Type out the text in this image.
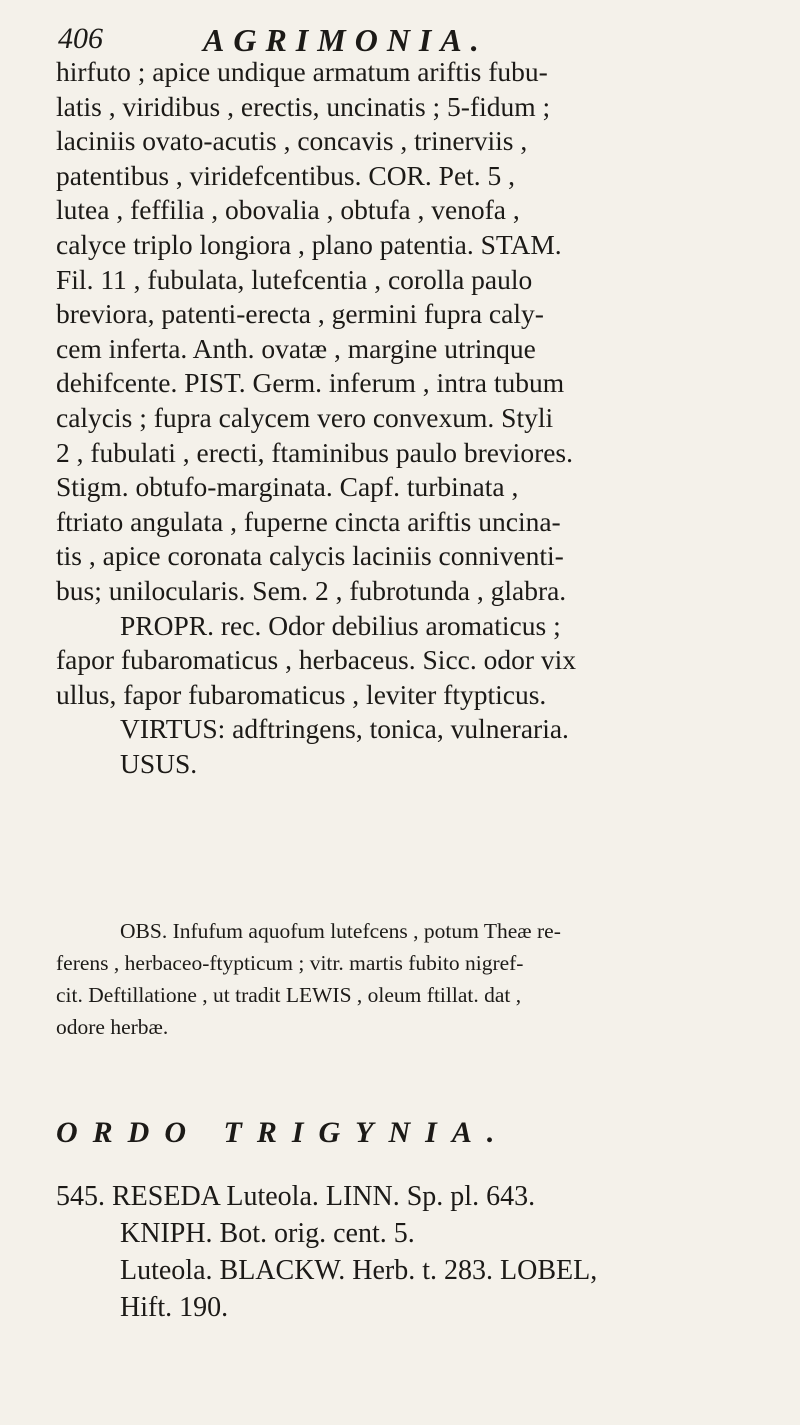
406	AGRIMONIA.
hirfuto ; apice undique armatum ariftis fubu-
latis , viridibus , erectis, uncinatis ; 5-fidum ;
laciniis ovato-acutis , concavis , trinerviis ,
patentibus , viridefcentibus. COR. Pet. 5 ,
lutea , feffilia , obovalia , obtufa , venofa ,
calyce triplo longiora , plano patentia. STAM.
Fil. 11 , fubulata, lutefcentia , corolla paulo
breviora, patenti-erecta , germini fupra caly-
cem inferta. Anth. ovatæ , margine utrinque
dehifcente. PIST. Germ. inferum , intra tubum
calycis ; fupra calycem vero convexum. Styli
2 , fubulati , erecti, ftaminibus paulo breviores.
Stigm. obtufo-marginata. Capf. turbinata ,
ftriato angulata , fuperne cincta ariftis uncina-
tis , apice coronata calycis laciniis conniventi-
bus; unilocularis. Sem. 2 , fubrotunda , glabra.
PROPR. rec. Odor debilius aromaticus ;
fapor fubaromaticus , herbaceus. Sicc. odor vix
ullus, fapor fubaromaticus , leviter ftypticus.
VIRTUS: adftringens, tonica, vulneraria.
USUS.
OBS. Infufum aquofum lutefcens , potum Theæ re-
ferens , herbaceo-ftypticum ; vitr. martis fubito nigref-
cit. Deftillatione , ut tradit LEWIS , oleum ftillat. dat ,
odore herbæ.
ORDO TRIGYNIA.
545. RESEDA Luteola. LINN. Sp. pl. 643.
KNIPH. Bot. orig. cent. 5.
Luteola. BLACKW. Herb. t. 283. LOBEL,
Hift. 190.
